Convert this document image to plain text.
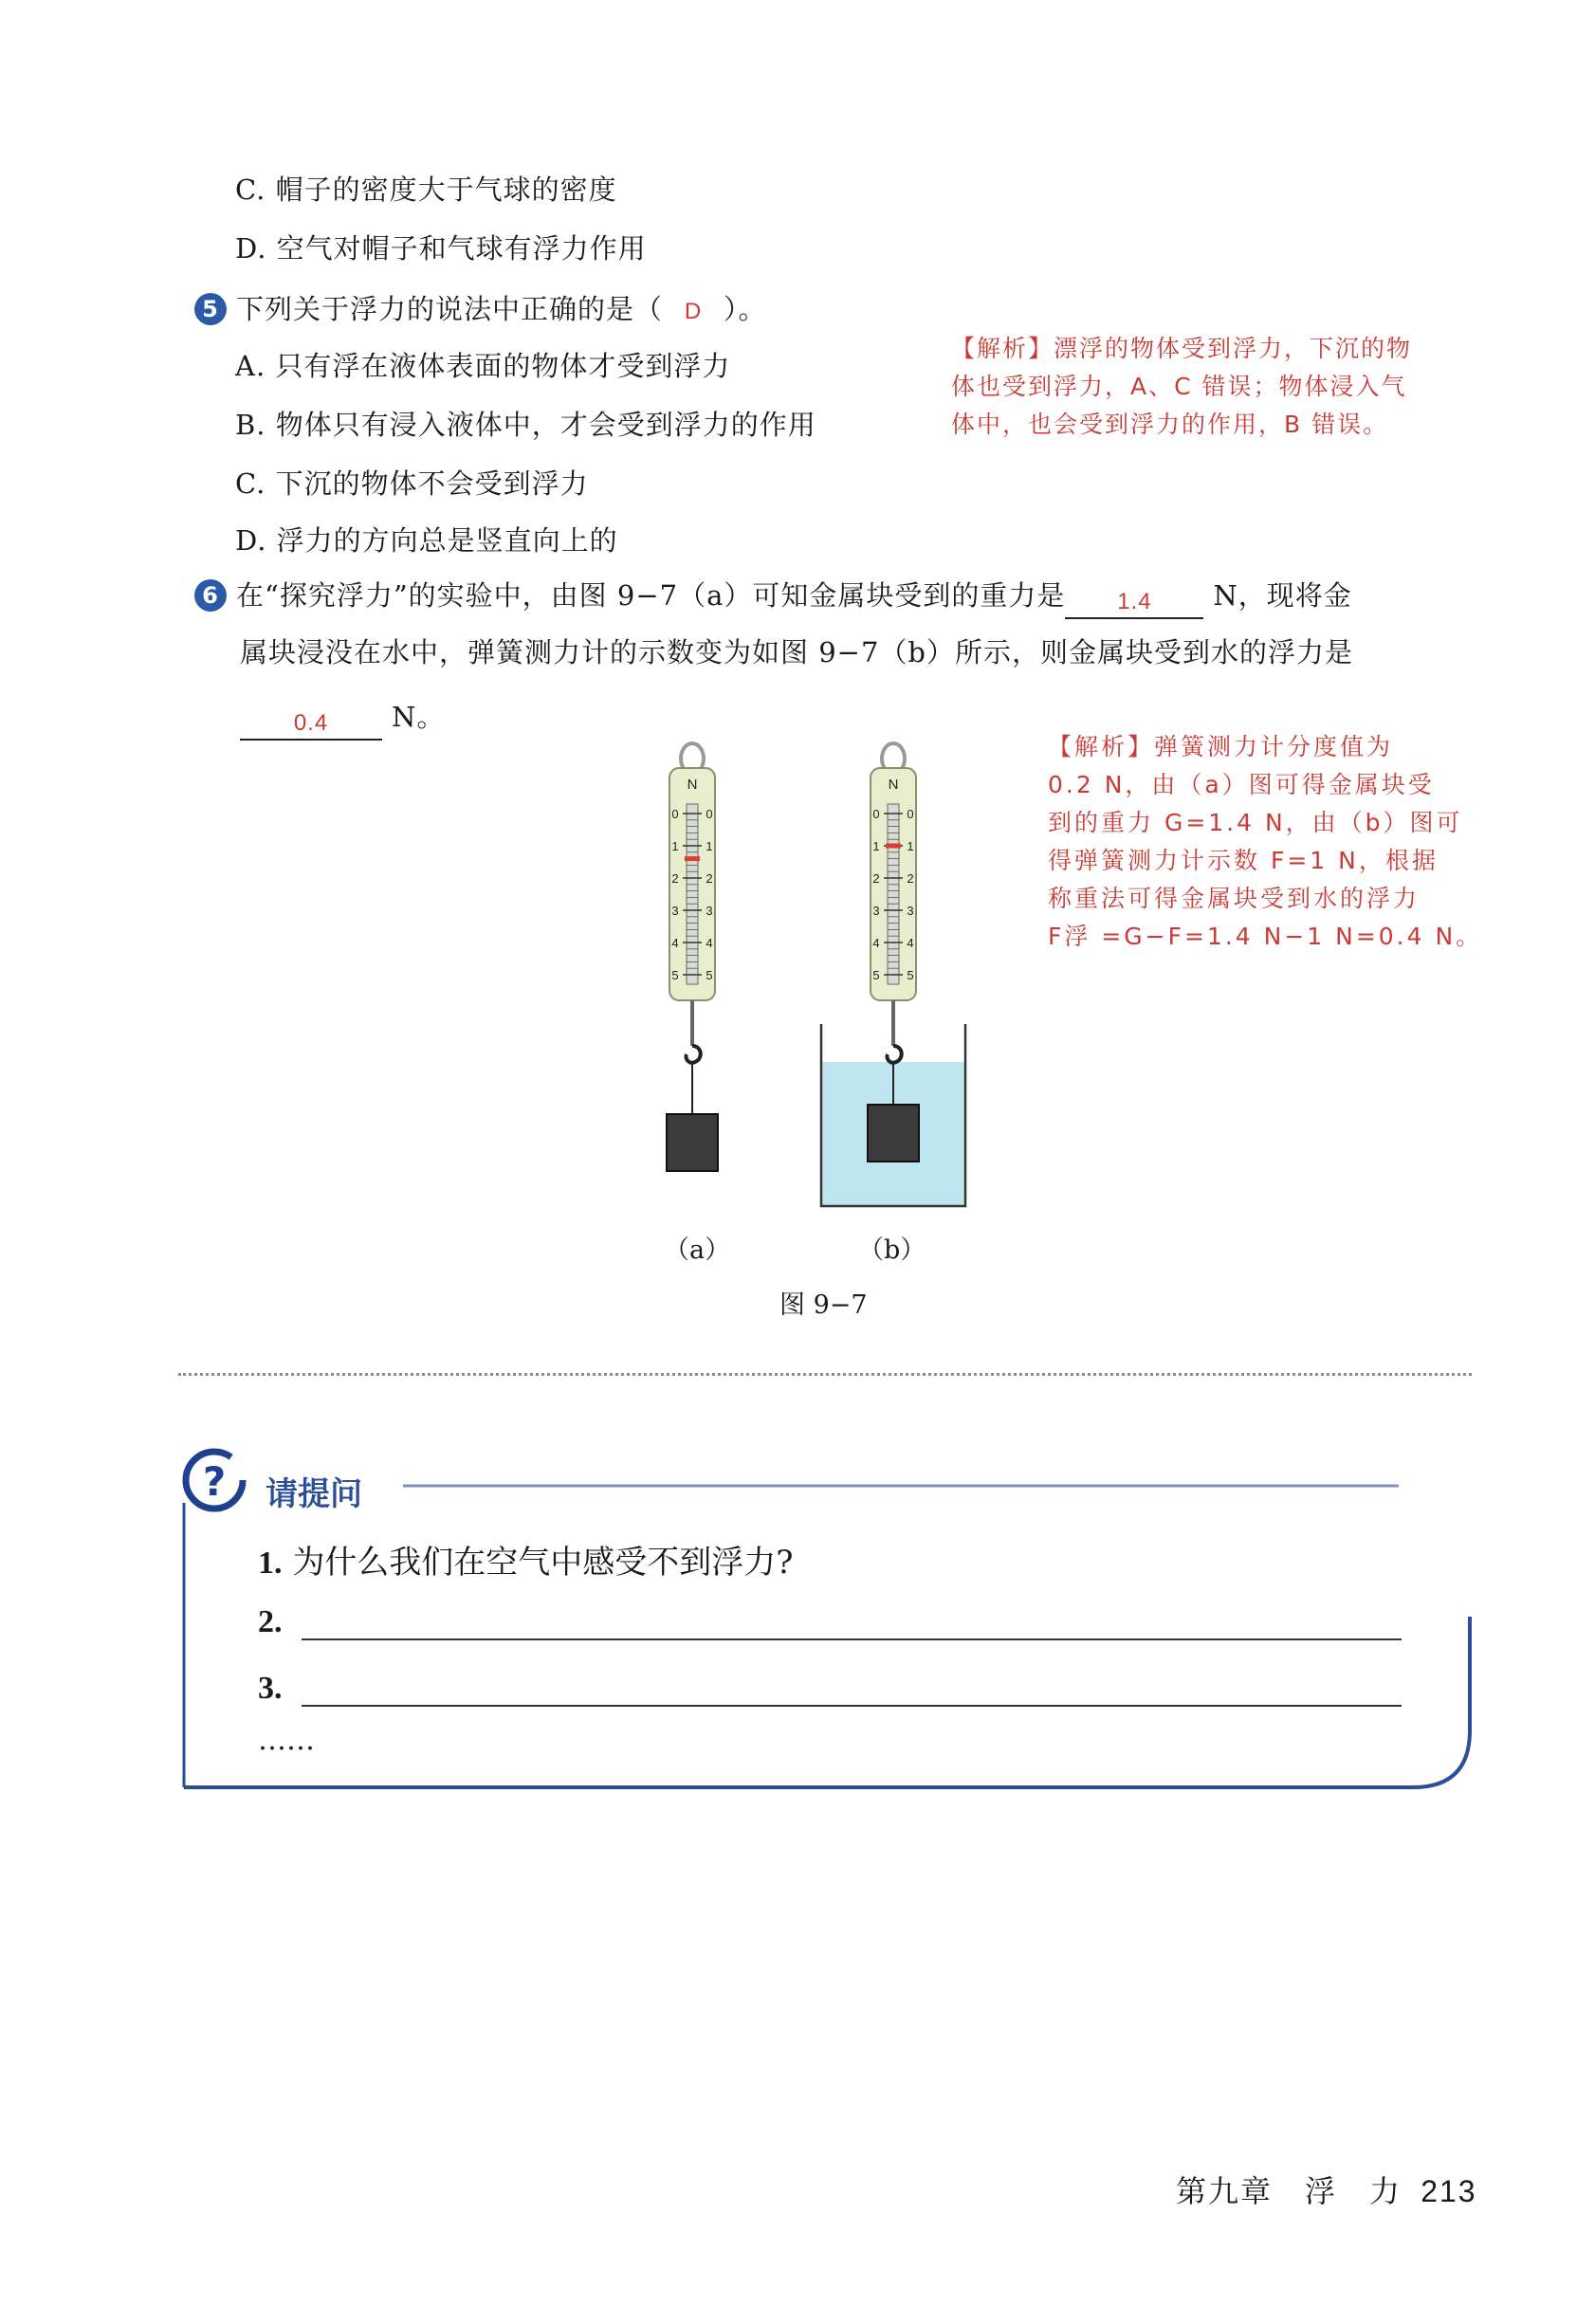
C. 帽子的密度大于气球的密度
D. 空气对帽子和气球有浮力作用
5 下列关于浮力的说法中正确的是（ D ）。
A. 只有浮在液体表面的物体才受到浮力
B. 物体只有浸入液体中，才会受到浮力的作用
C. 下沉的物体不会受到浮力
D. 浮力的方向总是竖直向上的

【解析】漂浮的物体受到浮力，下沉的物

体也受到浮力，A、C 错误；物体浸入气

体中，也会受到浮力的作用，B 错误。

6 在“探究浮力”的实验中，由图 9−7（a）可知金属块受到的重力是 1.4 N，现将金
属块浸没在水中，弹簧测力计的示数变为如图 9−7（b）所示，则金属块受到水的浮力是
0.4 N。

【解析】弹簧测力计分度值为

0.2 N，由（a）图可得金属块受

到的重力 G=1.4 N，由（b）图可

得弹簧测力计示数 F=1 N，根据

称重法可得金属块受到水的浮力

F浮 =G−F=1.4 N−1 N=0.4 N。

N
0 0
1 1
2 2
3 3
4 4
5 5
N
0 0
1 1
2 2
3 3
4 4
5 5
（a）	（b）
图 9−7
? 请提问
1. 为什么我们在空气中感受不到浮力?
2.
3.
……
第九章　浮　力 213
